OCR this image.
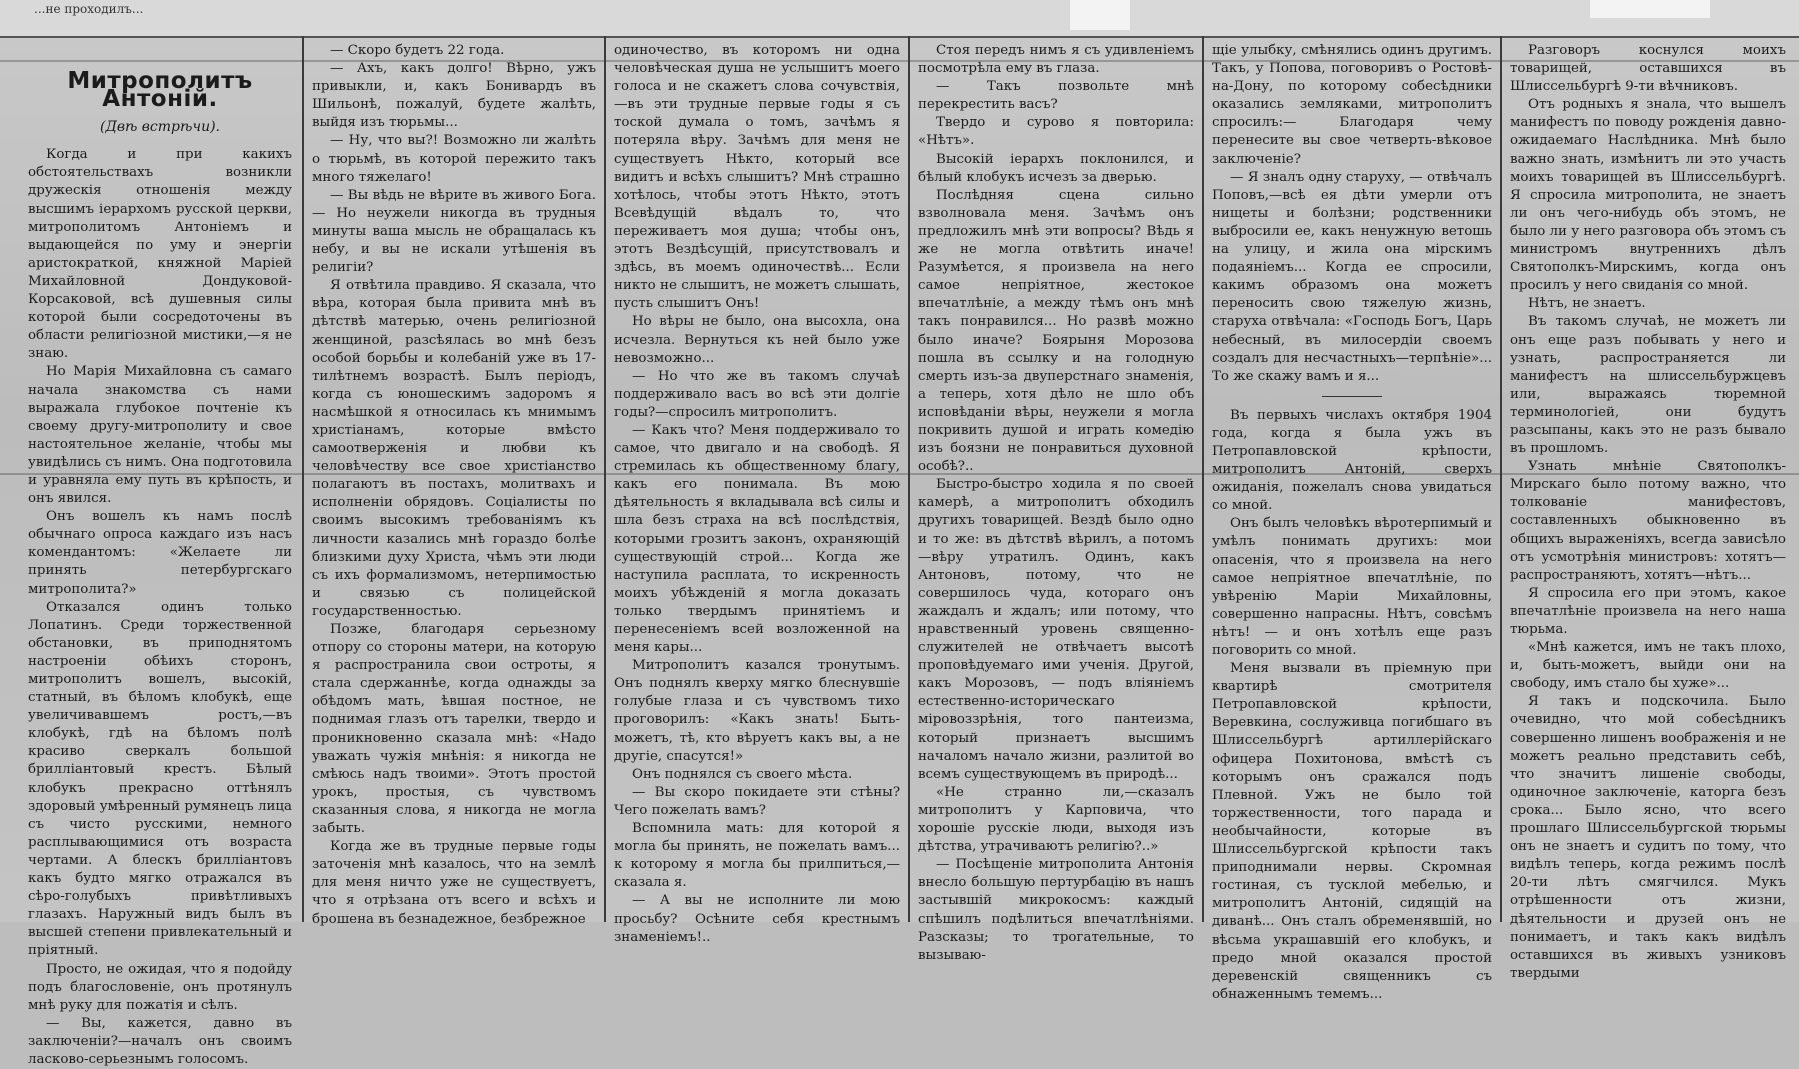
...не проходилъ...
Митрополитъ Антоній.
(Двѣ встрѣчи).

Когда и при какихъ обстоятельствахъ возникли дружескія отношенія между высшимъ іерархомъ русской церкви, митрополитомъ Антоніемъ и выдающейся по уму и энергіи аристократкой, княжной Маріей Михайловной Дондуковой-Корсаковой, всѣ душевныя силы которой были сосредоточены въ области религіозной мистики,—я не знаю.

Но Марія Михайловна съ самаго начала знакомства съ нами выражала глубокое почтеніе къ своему другу-митрополиту и свое настоятельное желаніе, чтобы мы увидѣлись съ нимъ. Она подготовила и уравняла ему путь въ крѣпость, и онъ явился.

Онъ вошелъ къ намъ послѣ обычнаго опроса каждаго изъ насъ комендантомъ: «Желаете ли принять петербургскаго митрополита?»

Отказался одинъ только Лопатинъ. Среди торжественной обстановки, въ приподнятомъ настроеніи обѣихъ сторонъ, митрополитъ вошелъ, высокій, статный, въ бѣломъ клобукѣ, еще увеличивавшемъ ростъ,—въ клобукѣ, гдѣ на бѣломъ полѣ красиво сверкалъ большой бриллiантовый крестъ. Бѣлый клобукъ прекрасно оттѣнялъ здоровый умѣренный румянецъ лица съ чисто русскими, немного расплывающимися отъ возраста чертами. А блескъ бриллiантовъ какъ будто мягко отражался въ сѣро-голубыхъ привѣтливыхъ глазахъ. Наружный видъ былъ въ высшей степени привлекательный и пріятный.

Просто, не ожидая, что я подойду подъ благословеніе, онъ протянулъ мнѣ руку для пожатія и сѣлъ.

— Вы, кажется, давно въ заключеніи?—началъ онъ своимъ ласково-серьезнымъ голосомъ.

— Скоро будетъ 22 года.

— Ахъ, какъ долго! Вѣрно, ужъ привыкли, и, какъ Бонивардъ въ Шильонѣ, пожалуй, будете жалѣть, выйдя изъ тюрьмы...

— Ну, что вы?! Возможно ли жалѣть о тюрьмѣ, въ которой пережито такъ много тяжелаго!

— Вы вѣдь не вѣрите въ живого Бога.— Но неужели никогда въ трудныя минуты ваша мысль не обращалась къ небу, и вы не искали утѣшенія въ религіи?

Я отвѣтила правдиво. Я сказала, что вѣра, которая была привита мнѣ въ дѣтствѣ матерью, очень религіозной женщиной, разсѣялась во мнѣ безъ особой борьбы и колебаній уже въ 17-тилѣтнемъ возрастѣ. Былъ періодъ, когда съ юношескимъ задоромъ я насмѣшкой я относилась къ мнимымъ христіанамъ, которые вмѣсто самоотверженія и любви къ человѣчеству все свое христіанство полагаютъ въ постахъ, молитвахъ и исполненіи обрядовъ. Соціалисты по своимъ высокимъ требованіямъ къ личности казались мнѣ гораздо болѣе близкими духу Христа, чѣмъ эти люди съ ихъ формализмомъ, нетерпимостью и связью съ полицейской государственностью.

Позже, благодаря серьезному отпору со стороны матери, на которую я распространила свои остроты, я стала сдержаннѣе, когда однажды за обѣдомъ мать, ѣвшая постное, не поднимая глазъ отъ тарелки, твердо и проникновенно сказала мнѣ: «Надо уважать чужія мнѣнія: я никогда не смѣюсь надъ твоими». Этотъ простой урокъ, простыя, съ чувствомъ сказанныя слова, я никогда не могла забыть.

Когда же въ трудные первые годы заточенія мнѣ казалось, что на землѣ для меня ничто уже не существуетъ, что я отрѣзана отъ всего и всѣхъ и брошена въ безнадежное, безбрежное

одиночество, въ которомъ ни одна человѣческая душа не услышитъ моего голоса и не скажетъ слова сочувствія,—въ эти трудные первые годы я съ тоской думала о томъ, зачѣмъ я потеряла вѣру. Зачѣмъ для меня не существуетъ Нѣкто, который все видитъ и всѣхъ слышитъ? Мнѣ страшно хотѣлось, чтобы этотъ Нѣкто, этотъ Всевѣдущій вѣдалъ то, что переживаетъ моя душа; чтобы онъ, этотъ Вездѣсущій, присутствовалъ и здѣсь, въ моемъ одиночествѣ... Если никто не слышитъ, не можетъ слышать, пусть слышитъ Онъ!

Но вѣры не было, она высохла, она исчезла. Вернуться къ ней было уже невозможно...

— Но что же въ такомъ случаѣ поддерживало васъ во всѣ эти долгіе годы?—спросилъ митрополитъ.

— Какъ что? Меня поддерживало то самое, что двигало и на свободѣ. Я стремилась къ общественному благу, какъ его понимала. Въ мою дѣятельность я вкладывала всѣ силы и шла безъ страха на всѣ послѣдствія, которыми грозитъ законъ, охраняющій существующій строй... Когда же наступила расплата, то искренность моихъ убѣжденій я могла доказать только твердымъ принятіемъ и перенесеніемъ всей возложенной на меня кары...

Митрополитъ казался тронутымъ. Онъ поднялъ кверху мягко блеснувшіе голубые глаза и съ чувствомъ тихо проговорилъ: «Какъ знать! Быть-можетъ, тѣ, кто вѣруетъ какъ вы, а не другіе, спасутся!»

Онъ поднялся съ своего мѣста.

— Вы скоро покидаете эти стѣны? Чего пожелать вамъ?

Вспомнила мать: для которой я могла бы принять, не пожелать вамъ... к которому я могла бы прилпиться,—сказала я.

— А вы не исполните ли мою просьбу? Осѣните себя крестнымъ знаменіемъ!..

Стоя передъ нимъ я съ удивленіемъ посмотрѣла ему въ глаза.

— Такъ позвольте мнѣ перекрестить васъ?

Твердо и сурово я повторила: «Нѣтъ».

Высокій іерархъ поклонился, и бѣлый клобукъ исчезъ за дверью.

Послѣдняя сцена сильно взволновала меня. Зачѣмъ онъ предложилъ мнѣ эти вопросы? Вѣдь я же не могла отвѣтить иначе! Разумѣется, я произвела на него самое непріятное, жестокое впечатлѣніе, а между тѣмъ онъ мнѣ такъ понравился... Но развѣ можно было иначе? Боярыня Морозова пошла въ ссылку и на голодную смерть изъ-за двуперстнаго знаменія, а теперь, хотя дѣло не шло объ исповѣданіи вѣры, неужели я могла покривить душой и играть комедію изъ боязни не понравиться духовной особѣ?..

Быстро-быстро ходила я по своей камерѣ, а митрополитъ обходилъ другихъ товарищей. Вездѣ было одно и то же: въ дѣтствѣ вѣрилъ, а потомъ—вѣру утратилъ. Одинъ, какъ Антоновъ, потому, что не совершилось чуда, котораго онъ жаждалъ и ждалъ; или потому, что нравственный уровень священно-служителей не отвѣчаетъ высотѣ проповѣдуемаго ими ученія. Другой, какъ Морозовъ, — подъ вліяніемъ естественно-историческаго міровоззрѣнія, того пантеизма, который признаетъ высшимъ началомъ начало жизни, разлитой во всемъ существующемъ въ природѣ...

«Не странно ли,—сказалъ митрополитъ у Карповича, что хорошіе русскіе люди, выходя изъ дѣтства, утрачиваютъ религію?..»

— Посѣщеніе митрополита Антонія внесло большую пертурбацію въ нашъ застывшій микрокосмъ: каждый спѣшилъ подѣлиться впечатлѣніями. Разсказы; то трогательные, то вызываю-

щіе улыбку, смѣнялись одинъ другимъ. Такъ, у Попова, поговоривъ о Ростовѣ-на-Дону, по которому собесѣдники оказались земляками, митрополитъ спросилъ:— Благодаря чему перенесите вы свое четверть-вѣковое заключеніе?

— Я зналъ одну старуху, — отвѣчалъ Поповъ,—всѣ ея дѣти умерли отъ нищеты и болѣзни; родственники выбросили ее, какъ ненужную ветошь на улицу, и жила она мірскимъ подаяніемъ... Когда ее спросили, какимъ образомъ она можетъ переносить свою тяжелую жизнь, старуха отвѣчала: «Господь Богъ, Царь небесный, въ милосердіи своемъ создалъ для несчастныхъ—терпѣніе»... То же скажу вамъ и я...

Въ первыхъ числахъ октября 1904 года, когда я была ужъ въ Петропавловской крѣпости, митрополитъ Антоній, сверхъ ожиданія, пожелалъ снова увидаться со мной.

Онъ былъ человѣкъ вѣротерпимый и умѣлъ понимать другихъ: мои опасенія, что я произвела на него самое непріятное впечатлѣніе, по увѣренію Маріи Михайловны, совершенно напрасны. Нѣтъ, совсѣмъ нѣтъ! — и онъ хотѣлъ еще разъ поговорить со мной.

Меня вызвали въ пріемную при квартирѣ смотрителя Петропавловской крѣпости, Веревкина, сослуживца погибшаго въ Шлиссельбургѣ артиллерійскаго офицера Похитонова, вмѣстѣ съ которымъ онъ сражался подъ Плевной. Ужъ не было той торжественности, того парада и необычайности, которые въ Шлиссельбургской крѣпости такъ приподнимали нервы. Скромная гостиная, съ тусклой мебелью, и митрополитъ Антоній, сидящій на диванѣ... Онъ сталъ обременявшій, но вѣсьма украшавшій его клобукъ, и предо мной оказался простой деревенскій священникъ съ обнаженнымъ темемъ...

Разговоръ коснулся моихъ товарищей, оставшихся въ Шлиссельбургѣ 9-ти вѣчниковъ.

Отъ родныхъ я знала, что вышелъ манифестъ по поводу рожденія давно-ожидаемаго Наслѣдника. Мнѣ было важно знать, измѣнитъ ли это участь моихъ товарищей въ Шлиссельбургѣ. Я спросила митрополита, не знаетъ ли онъ чего-нибудь объ этомъ, не было ли у него разговора объ этомъ съ министромъ внутреннихъ дѣлъ Святополкъ-Мирскимъ, когда онъ просилъ у него свиданія со мной.

Нѣтъ, не знаетъ.

Въ такомъ случаѣ, не можетъ ли онъ еще разъ побывать у него и узнать, распространяется ли манифестъ на шлиссельбуржцевъ или, выражаясь тюремной терминологіей, они будутъ разсыпаны, какъ это не разъ бывало въ прошломъ.

Узнать мнѣніе Святополкъ-Мирскаго было потому важно, что толкованіе манифестовъ, составленныхъ обыкновенно въ общихъ выраженіяхъ, всегда зависѣло отъ усмотрѣнія министровъ: хотятъ—распространяютъ, хотятъ—нѣтъ...

Я спросила его при этомъ, какое впечатлѣніе произвела на него наша тюрьма.

«Мнѣ кажется, имъ не такъ плохо, и, быть-можетъ, выйди они на свободу, имъ стало бы хуже»...

Я такъ и подскочила. Было очевидно, что мой собесѣдникъ совершенно лишенъ воображенія и не можетъ реально представить себѣ, что значитъ лишеніе свободы, одиночное заключеніе, каторга безъ срока... Было ясно, что всего прошлаго Шлиссельбургской тюрьмы онъ не знаетъ и судитъ по тому, что видѣлъ теперь, когда режимъ послѣ 20-ти лѣтъ смягчился. Мукъ отрѣшенности отъ жизни, дѣятельности и друзей онъ не понимаетъ, и такъ какъ видѣлъ оставшихся въ живыхъ узниковъ твердыми
